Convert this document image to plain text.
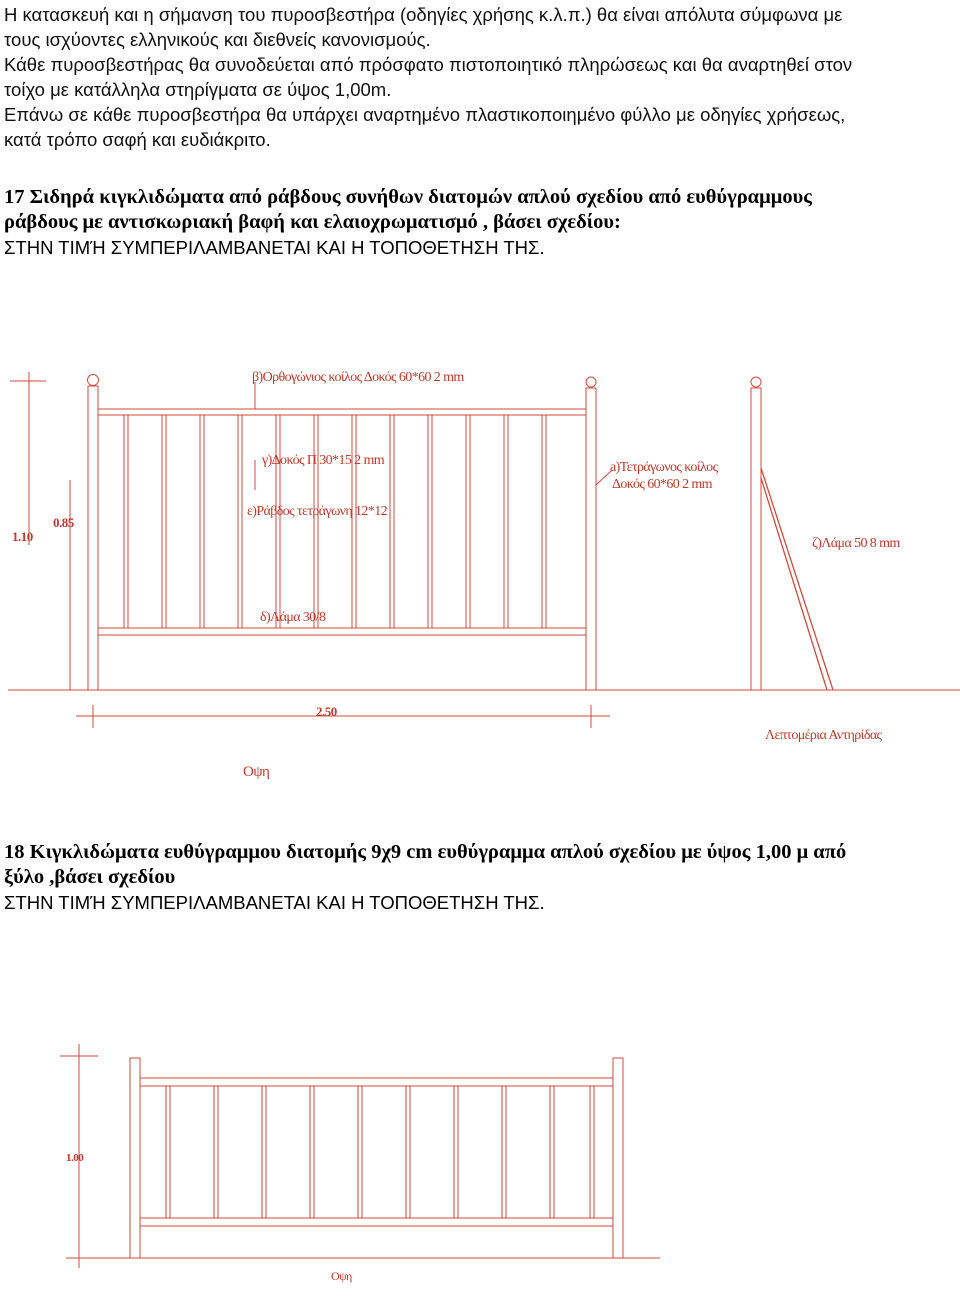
Η κατασκευή και η σήμανση του πυροσβεστήρα (οδηγίες χρήσης κ.λ.π.) θα είναι απόλυτα σύμφωνα με
τους ισχύοντες ελληνικούς και διεθνείς κανονισμούς.
Κάθε πυροσβεστήρας θα συνοδεύεται από πρόσφατο πιστοποιητικό πληρώσεως και θα αναρτηθεί στον
τοίχο με κατάλληλα στηρίγματα σε ύψος 1,00m.
Επάνω σε κάθε πυροσβεστήρα θα υπάρχει αναρτημένο πλαστικοποιημένο φύλλο με οδηγίες χρήσεως,
κατά τρόπο σαφή και ευδιάκριτο.

17 Σιδηρά κιγκλιδώματα από ράβδους συνήθων διατομών απλού σχεδίου από ευθύγραμμους
ράβδους με αντισκωριακή βαφή και ελαιοχρωματισμό , βάσει σχεδίου:
ΣΤΗΝ ΤΙΜΉ ΣΥΜΠΕΡΙΛΑΜΒΑΝΕΤΑΙ ΚΑΙ Η ΤΟΠΟΘΕΤΗΣΗ ΤΗΣ.
β)Ορθογώνιος κοίλος Δοκός 60*60 2 mm
γ)Δοκός Π 30*15 2 mm	a)Τετράγωνος κοίλος
Δοκός 60*60 2 mm
ε)Ράβδος τετράγωνη 12*12
ζ)Λάμα 50 8 mm
δ)Λάμα 30/8
1.10
0.85
2.50
Λεπτομέρια Αντηρίδας
Οψη
18 Κιγκλιδώματα ευθύγραμμου διατομής 9χ9 cm ευθύγραμμα απλού σχεδίου με ύψος 1,00 μ από
ξύλο ,βάσει σχεδίου
ΣΤΗΝ ΤΙΜΉ ΣΥΜΠΕΡΙΛΑΜΒΑΝΕΤΑΙ ΚΑΙ Η ΤΟΠΟΘΕΤΗΣΗ ΤΗΣ.
1.00
Οψη
